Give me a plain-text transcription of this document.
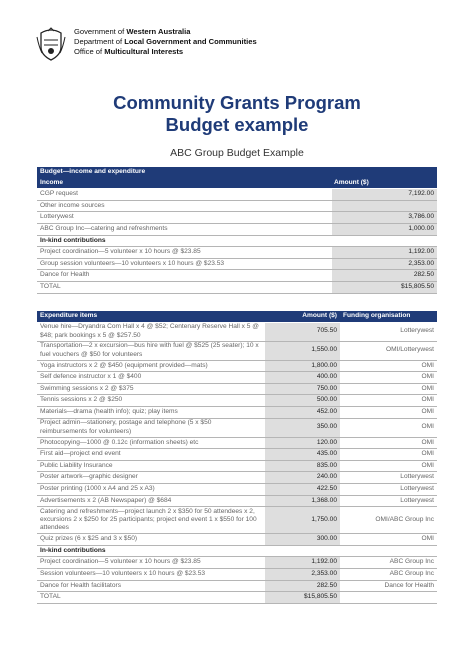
Government of Western Australia
Department of Local Government and Communities
Office of Multicultural Interests
Community Grants Program
Budget example
ABC Group Budget Example
Budget—income and expenditure	
Income	Amount ($)
CGP request	7,192.00
Other income sources	
Lotterywest	3,786.00
ABC Group Inc—catering and refreshments	1,000.00
In-kind contributions	
Project coordination—5 volunteer x 10 hours @ $23.85	1,192.00
Group session volunteers—10 volunteers x 10 hours @ $23.53	2,353.00
Dance for Health	282.50
TOTAL	$15,805.50
Expenditure items	Amount ($)	Funding organisation
Venue hire—Dryandra Com Hall x 4 @ $52; Centenary Reserve Hall x 5 @ $48; park bookings x 5 @ $257.50	705.50	Lotterywest
Transportation—2 x excursion—bus hire with fuel @ $525 (25 seater); 10 x fuel vouchers @ $50 for volunteers	1,550.00	OMI/Lotterywest
Yoga instructors x 2 @ $450 (equipment provided—mats)	1,800.00	OMI
Self defence instructor x 1 @ $400	400.00	OMI
Swimming sessions x 2 @ $375	750.00	OMI
Tennis sessions x 2 @ $250	500.00	OMI
Materials—drama (health info); quiz; play items	452.00	OMI
Project admin—stationery, postage and telephone (5 x $50 reimbursements for volunteers)	350.00	OMI
Photocopying—1000 @ 0.12c (information sheets) etc	120.00	OMI
First aid—project end event	435.00	OMI
Public Liability Insurance	835.00	OMI
Poster artwork—graphic designer	240.00	Lotterywest
Poster printing (1000 x A4 and 25 x A3)	422.50	Lotterywest
Advertisements x 2 (AB Newspaper) @ $684	1,368.00	Lotterywest
Catering and refreshments—project launch 2 x $350 for 50 attendees x 2, excursions 2 x $250 for 25 participants; project end event 1 x $550 for 100 attendees	1,750.00	OMI/ABC Group Inc
Quiz prizes (6 x $25 and 3 x $50)	300.00	OMI
In-kind contributions		
Project coordination—5 volunteer x 10 hours @ $23.85	1,192.00	ABC Group Inc
Session volunteers—10 volunteers x 10 hours @ $23.53	2,353.00	ABC Group Inc
Dance for Health facilitators	282.50	Dance for Health
TOTAL	$15,805.50	
